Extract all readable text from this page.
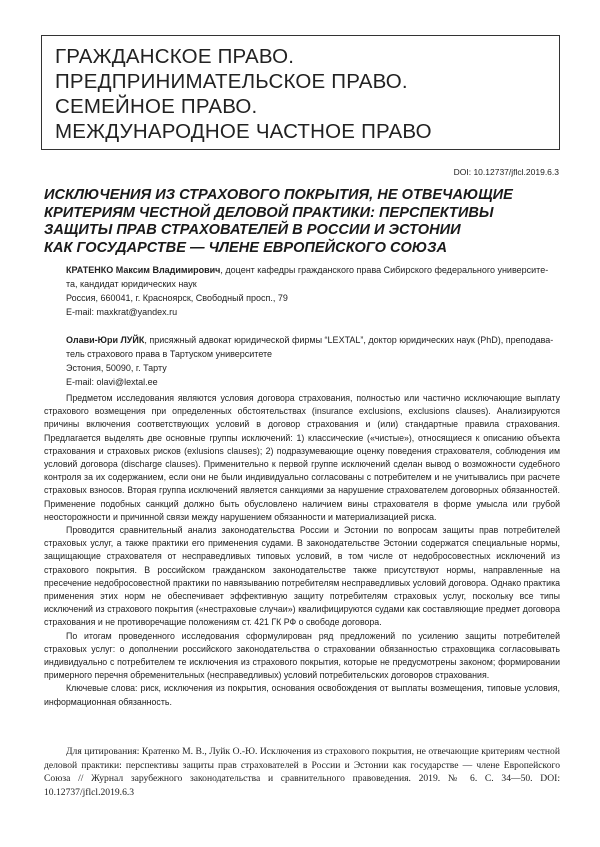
ГРАЖДАНСКОЕ ПРАВО.
ПРЕДПРИНИМАТЕЛЬСКОЕ ПРАВО.
СЕМЕЙНОЕ ПРАВО.
МЕЖДУНАРОДНОЕ ЧАСТНОЕ ПРАВО
DOI: 10.12737/jflcl.2019.6.3
ИСКЛЮЧЕНИЯ ИЗ СТРАХОВОГО ПОКРЫТИЯ, НЕ ОТВЕЧАЮЩИЕ
КРИТЕРИЯМ ЧЕСТНОЙ ДЕЛОВОЙ ПРАКТИКИ: ПЕРСПЕКТИВЫ
ЗАЩИТЫ ПРАВ СТРАХОВАТЕЛЕЙ В РОССИИ И ЭСТОНИИ
КАК ГОСУДАРСТВЕ — ЧЛЕНЕ ЕВРОПЕЙСКОГО СОЮЗА
КРАТЕНКО Максим Владимирович, доцент кафедры гражданского права Сибирского федерального университе-
та, кандидат юридических наук
Россия, 660041, г. Красноярск, Свободный просп., 79
E-mail: maxkrat@yandex.ru
Олави-Юри ЛУЙК, присяжный адвокат юридической фирмы “LEXTAL”, доктор юридических наук (PhD), преподава-
тель страхового права в Тартуском университете
Эстония, 50090, г. Тарту
E-mail: olavi@lextal.ee

Предметом исследования являются условия договора страхования, полностью или частично исключающие выплату страхового возмещения при определенных обстоятельствах (insurance exclusions, exclusions clauses). Анализируются причины включения соответствующих условий в договор страхования и (или) стандартные правила страхования. Предлагается выделять две основные группы исключений: 1) классические («чистые»), относящиеся к описанию объекта страхования и страховых рисков (exlusions clauses); 2) подразумевающие оценку поведения страхователя, соблюдения им условий договора (discharge clauses). Применительно к первой группе исключений сделан вывод о возможности судебного контроля за их содержанием, если они не были индивидуально согласованы с потребителем и не учитывались при расчете страховых взносов. Вторая группа исключений является санкциями за нарушение страхователем договорных обязанностей. Применение подобных санкций должно быть обусловлено наличием вины страхователя в форме умысла или грубой неосторожности и причинной связи между нарушением обязанности и материализацией риска.

Проводится сравнительный анализ законодательства России и Эстонии по вопросам защиты прав потребителей страховых услуг, а также практики его применения судами. В законодательстве Эстонии содержатся специальные нормы, защищающие страхователя от несправедливых типовых условий, в том числе от недобросовестных исключений из страхового покрытия. В российском гражданском законодательстве также присутствуют нормы, направленные на пресечение недобросовестной практики по навязыванию потребителям несправедливых условий договора. Однако практика применения этих норм не обеспечивает эффективную защиту потребителям страховых услуг, поскольку все типы исключений из страхового покрытия («нестраховые случаи») квалифицируются судами как составляющие предмет договора страхования и не противоречащие положениям ст. 421 ГК РФ о свободе договора.

По итогам проведенного исследования сформулирован ряд предложений по усилению защиты потребителей страховых услуг: о дополнении российского законодательства о страховании обязанностью страховщика согласовывать индивидуально с потребителем те исключения из страхового покрытия, которые не предусмотрены законом; формировании примерного перечня обременительных (несправедливых) условий потребительских договоров страхования.

Ключевые слова: риск, исключения из покрытия, основания освобождения от выплаты возмещения, типовые условия, информационная обязанность.

Для цитирования: Кратенко М. В., Луйк О.-Ю. Исключения из страхового покрытия, не отвечающие критериям честной деловой практики: перспективы защиты прав страхователей в России и Эстонии как государстве — члене Европейского Союза // Журнал зарубежного законодательства и сравнительного правоведения. 2019. № 6. С. 34—50. DOI: 10.12737/jflcl.2019.6.3
